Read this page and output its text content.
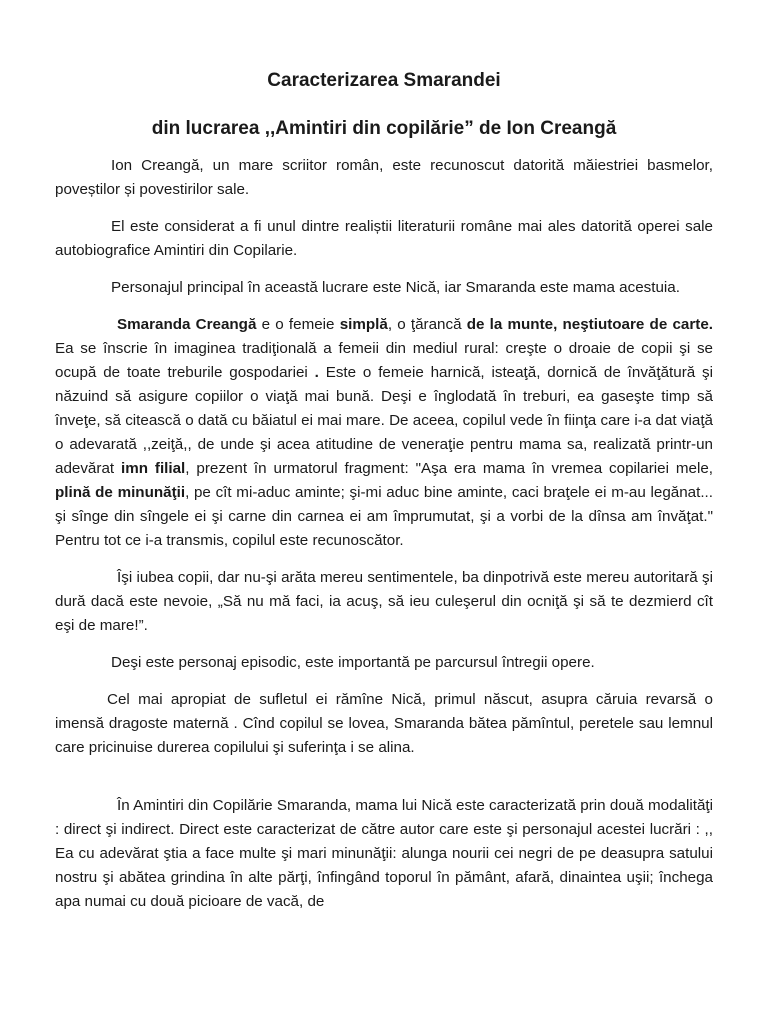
Caracterizarea Smarandei
din lucrarea ,,Amintiri din copilărie” de Ion Creangă

Ion Creangă, un mare scriitor român, este recunoscut datorită măiestriei basmelor, poveștilor și povestirilor sale.

El este considerat a fi unul dintre realiștii literaturii române mai ales datorită operei sale autobiografice Amintiri din Copilarie.

Personajul principal în această lucrare este Nică, iar Smaranda este mama acestuia.

Smaranda Creangă e o femeie simplă, o ţărancă de la munte, neştiutoare de carte. Ea se înscrie în imaginea tradiţională a femeii din mediul rural: creşte o droaie de copii şi se ocupă de toate treburile gospodariei . Este o femeie harnică, isteaţă, dornică de învăţătură şi năzuind să asigure copiilor o viaţă mai bună. Deşi e înglodată în treburi, ea gaseşte timp să înveţe, să citească o dată cu băiatul ei mai mare. De aceea, copilul vede în fiinţa care i-a dat viaţă o adevarată ,,zeiţă,, de unde şi acea atitudine de veneraţie pentru mama sa, realizată printr-un adevărat imn filial, prezent în urmatorul fragment: "Aşa era mama în vremea copilariei mele, plină de minunăţii, pe cît mi-aduc aminte; şi-mi aduc bine aminte, caci braţele ei m-au legănat... şi sînge din sîngele ei şi carne din carnea ei am împrumutat, şi a vorbi de la dînsa am învăţat." Pentru tot ce i-a transmis, copilul este recunoscător.

Îşi iubea copii, dar nu-şi arăta mereu sentimentele, ba dinpotrivă este mereu autoritară şi dură dacă este nevoie, „Să nu mă faci, ia acuş, să ieu culeşerul din ocniţă şi să te dezmierd cît eşi de mare!”.

Deşi este personaj episodic, este importantă pe parcursul întregii opere.

Cel mai apropiat de sufletul ei rămîne Nică, primul născut, asupra căruia revarsă o imensă dragoste maternă . Cînd copilul se lovea, Smaranda bătea pămîntul, peretele sau lemnul care pricinuise durerea copilului şi suferinţa i se alina.

În Amintiri din Copilărie Smaranda, mama lui Nică este caracterizată prin două modalităţi : direct şi indirect. Direct este caracterizat de către autor care este şi personajul acestei lucrări : ,, Ea cu adevărat ştia a face multe şi mari minunăţii: alunga nourii cei negri de pe deasupra satului nostru şi abătea grindina în alte părţi, înfingând toporul în pământ, afară, dinaintea uşii; închega apa numai cu două picioare de vacă, de
